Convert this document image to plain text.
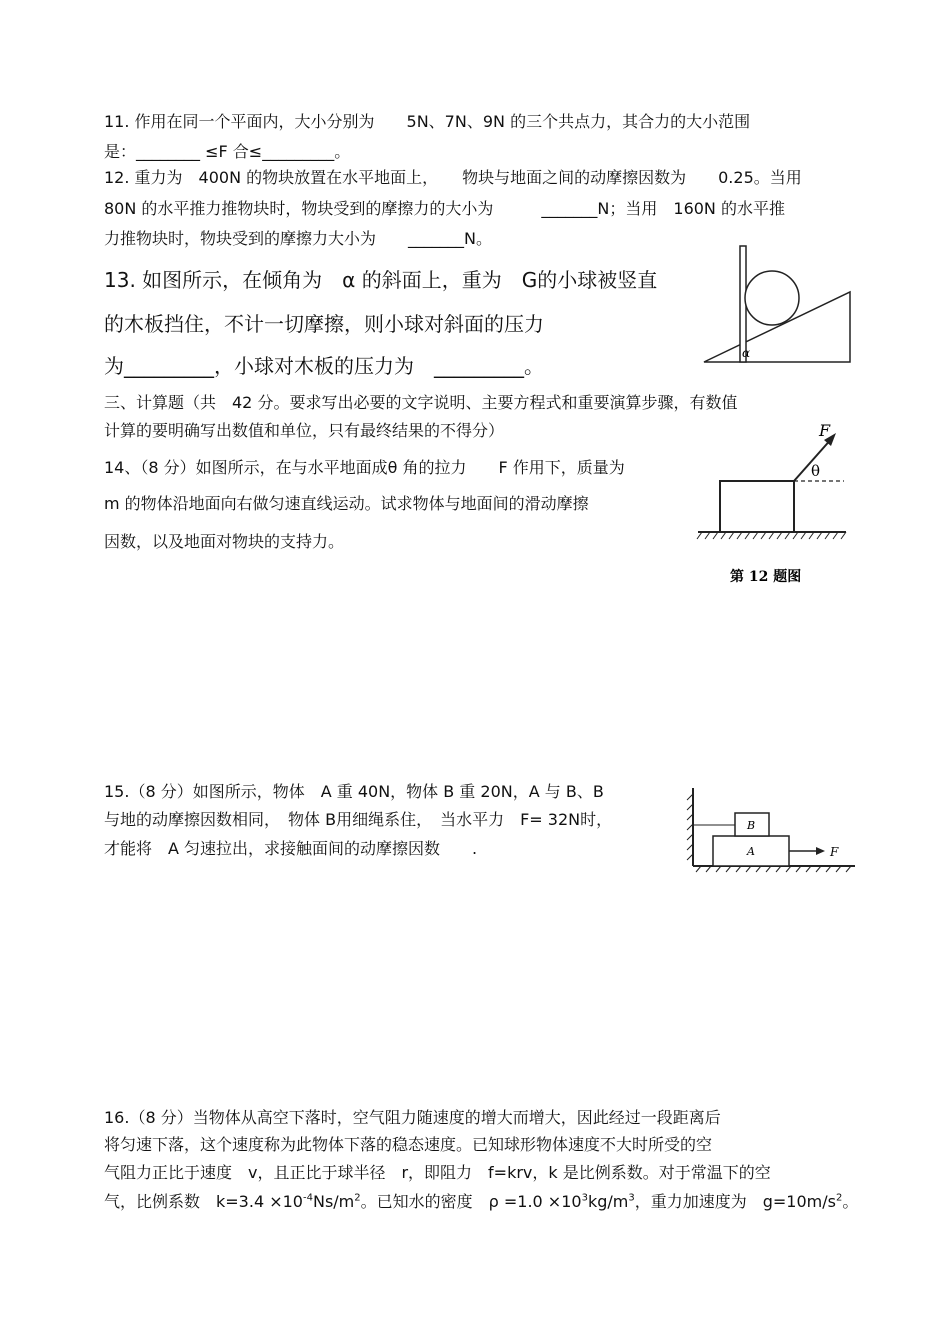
11. 作用在同一个平面内，大小分别为　　5N、7N、9N 的三个共点力，其合力的大小范围
是：________ ≤F 合≤_________。
12. 重力为　400N 的物块放置在水平地面上，　　物块与地面之间的动摩擦因数为　　0.25。当用
80N 的水平推力推物块时，物块受到的摩擦力的大小为　　　_______N；当用　160N 的水平推
力推物块时，物块受到的摩擦力大小为　　_______N。
13. 如图所示，在倾角为　α 的斜面上，重为　G的小球被竖直
的木板挡住，不计一切摩擦，则小球对斜面的压力
为_________，小球对木板的压力为　_________。
α
三、计算题（共　42 分。要求写出必要的文字说明、主要方程式和重要演算步骤，有数值
计算的要明确写出数值和单位，只有最终结果的不得分）
14、（8 分）如图所示，在与水平地面成θ 角的拉力　　F 作用下，质量为
m 的物体沿地面向右做匀速直线运动。试求物体与地面间的滑动摩擦
因数，以及地面对物块的支持力。
F
θ
第 12 题图
15.（8 分）如图所示，物体　A 重 40N，物体 B 重 20N，A 与 B、B
与地的动摩擦因数相同，　物体 B用细绳系住，　当水平力　F= 32N时，
才能将　A 匀速拉出，求接触面间的动摩擦因数　　.	A
B
F
16.（8 分）当物体从高空下落时，空气阻力随速度的增大而增大，因此经过一段距离后
将匀速下落，这个速度称为此物体下落的稳态速度。已知球形物体速度不大时所受的空
气阻力正比于速度　v，且正比于球半径　r，即阻力　f=krv，k 是比例系数。对于常温下的空
气，比例系数　$k=3.4 \times 10^{-4}Ns/m^2$。已知水的密度　$\rho =1.0 \times 10^3kg/m^3$，重力加速度为　$g=10m/s^2$。
